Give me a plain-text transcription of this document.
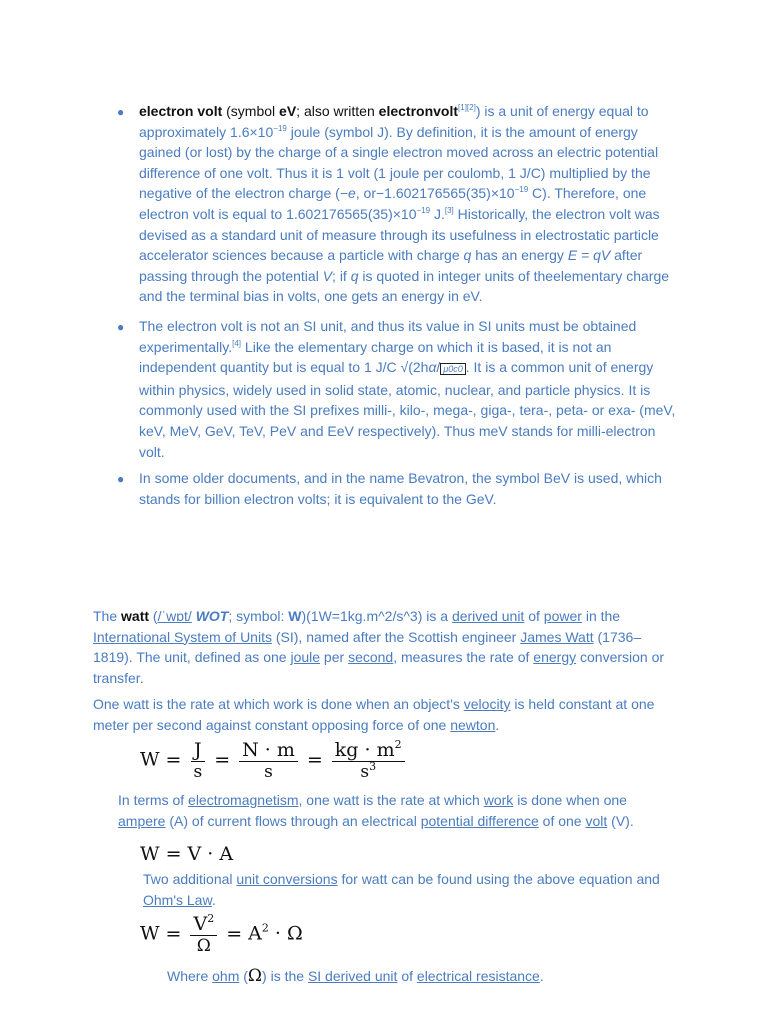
● electron volt (symbol eV; also written electronvolt[1][2]) is a unit of energy equal to approximately $1.6\times 10^{-19}$ joule (symbol J). By definition, it is the amount of energy gained (or lost) by the charge of a single electron moved across an electric potential difference of one volt. Thus it is 1 volt (1 joule per coulomb, 1 J/C) multiplied by the negative of the electron charge (−e, $or-1.602176565(35)\times 10^{-19}$ C). Therefore, one electron volt is equal to $1.602176565(35)\times 10^{-19}$ J.[3] Historically, the electron volt was devised as a standard unit of measure through its usefulness in electrostatic particle accelerator sciences because a particle with charge q has an energy E = qV after passing through the potential V; if q is quoted in integer units of theelementary charge and the terminal bias in volts, one gets an energy in eV.
● The electron volt is not an SI unit, and thus its value in SI units must be obtained experimentally.[4] Like the elementary charge on which it is based, it is not an independent quantity but is equal to 1 J/C √(2hα/ μ0c0 . It is a common unit of energy within physics, widely used in solid state, atomic, nuclear, and particle physics. It is commonly used with the SI prefixes milli-, kilo-, mega-, giga-, tera-, peta- or exa- (meV, keV, MeV, GeV, TeV, PeV and EeV respectively). Thus meV stands for milli-electron volt.
● In some older documents, and in the name Bevatron, the symbol BeV is used, which stands for billion electron volts; it is equivalent to the GeV.
The watt (/ˈwɒt/ WOT; symbol: W)(1W=1kg.m^2/s^3) is a derived unit of power in the International System of Units (SI), named after the Scottish engineer James Watt (1736–1819). The unit, defined as one joule per second, measures the rate of energy conversion or transfer.
One watt is the rate at which work is done when an object's velocity is held constant at one meter per second against constant opposing force of one newton.
$W = \frac{J}{s} = \frac{N \cdot m}{s} = \frac{kg \cdot m^2}{s^3}$
In terms of electromagnetism, one watt is the rate at which work is done when one ampere (A) of current flows through an electrical potential difference of one volt (V).
W = V · A
Two additional unit conversions for watt can be found using the above equation and Ohm's Law.
$W = \frac{V^2}{\Omega} = A^2 \cdot \Omega$
Where ohm (Ω) is the SI derived unit of electrical resistance.
